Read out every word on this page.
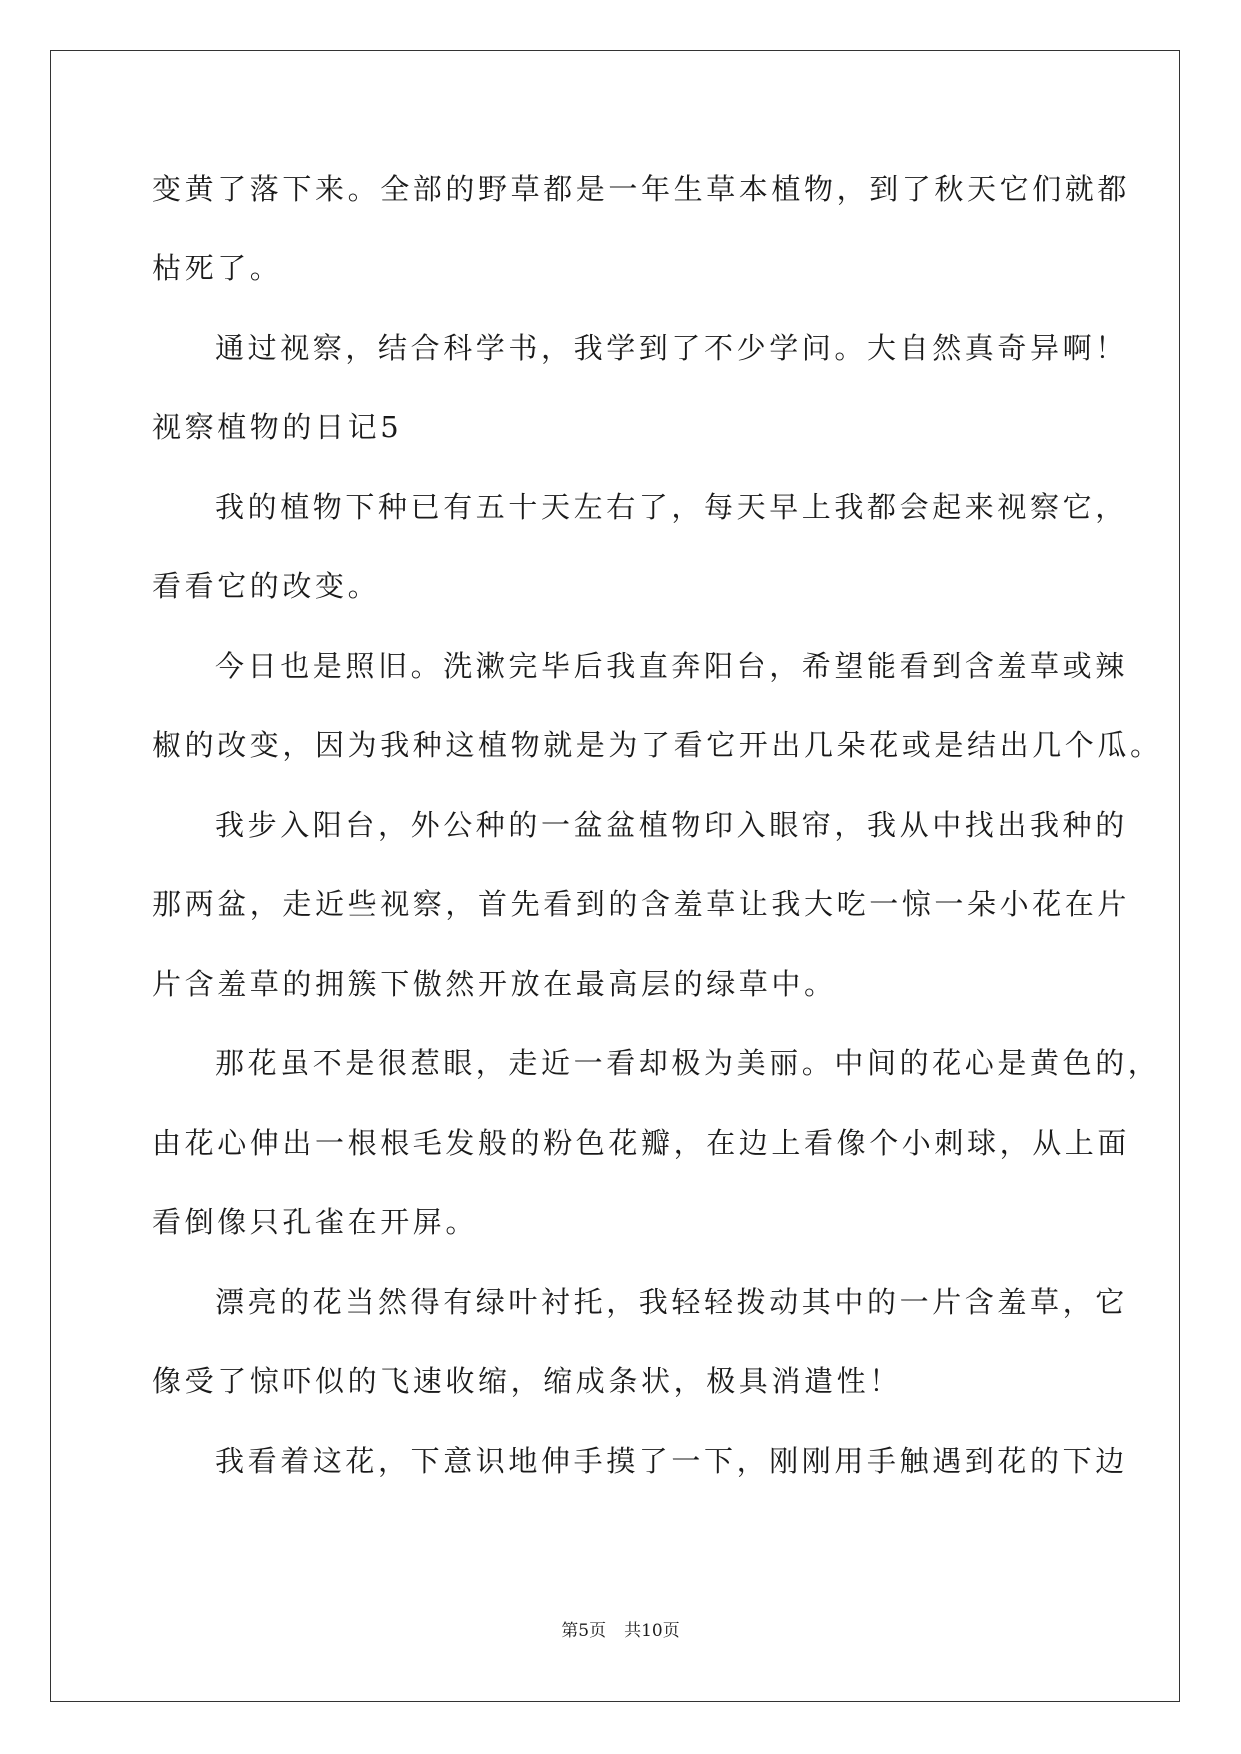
变黄了落下来。全部的野草都是一年生草本植物，到了秋天它们就都
枯死了。
通过视察，结合科学书，我学到了不少学问。大自然真奇异啊！
视察植物的日记5
我的植物下种已有五十天左右了，每天早上我都会起来视察它，
看看它的改变。
今日也是照旧。洗漱完毕后我直奔阳台，希望能看到含羞草或辣
椒的改变，因为我种这植物就是为了看它开出几朵花或是结出几个瓜。
我步入阳台，外公种的一盆盆植物印入眼帘，我从中找出我种的
那两盆，走近些视察，首先看到的含羞草让我大吃一惊一朵小花在片
片含羞草的拥簇下傲然开放在最高层的绿草中。
那花虽不是很惹眼，走近一看却极为美丽。中间的花心是黄色的，
由花心伸出一根根毛发般的粉色花瓣，在边上看像个小刺球，从上面
看倒像只孔雀在开屏。
漂亮的花当然得有绿叶衬托，我轻轻拨动其中的一片含羞草，它
像受了惊吓似的飞速收缩，缩成条状，极具消遣性！
我看着这花，下意识地伸手摸了一下，刚刚用手触遇到花的下边
第5页 共10页
